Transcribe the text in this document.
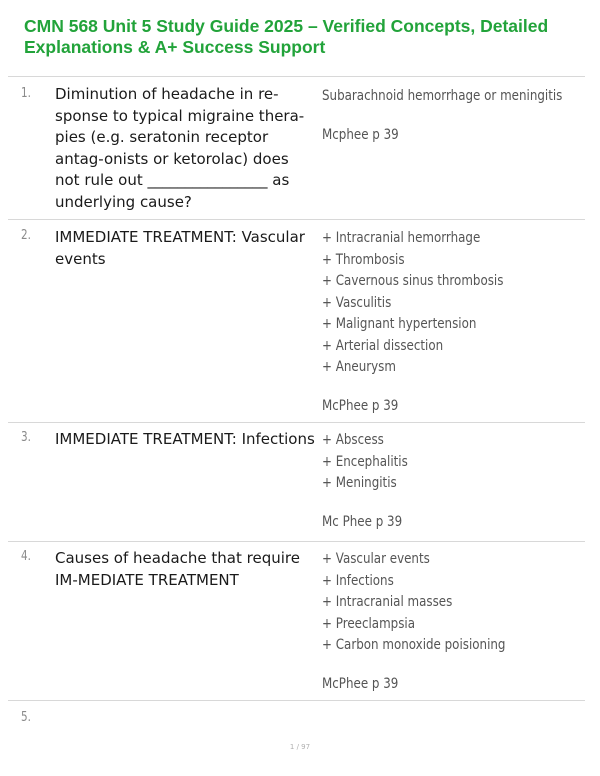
CMN 568 Unit 5 Study Guide 2025 – Verified Concepts, Detailed Explanations & A+ Success Support
1. Diminution of headache in re-sponse to typical migraine thera-pies (e.g. seratonin receptor antag-onists or ketorolac) does not rule out ________________ as underlying cause?

Subarachnoid hemorrhage or meningitis
Mcphee p 39
2. IMMEDIATE TREATMENT: Vascular events

+ Intracranial hemorrhage
+ Thrombosis
+ Cavernous sinus thrombosis
+ Vasculitis
+ Malignant hypertension
+ Arterial dissection
+ Aneurysm
McPhee p 39
3. IMMEDIATE TREATMENT: Infections + Abscess
+ Encephalitis
+ Meningitis
Mc Phee p 39
4. Causes of headache that require IM-MEDIATE TREATMENT

+ Vascular events
+ Infections
+ Intracranial masses
+ Preeclampsia
+ Carbon monoxide poisioning
McPhee p 39
5.
1 / 97
